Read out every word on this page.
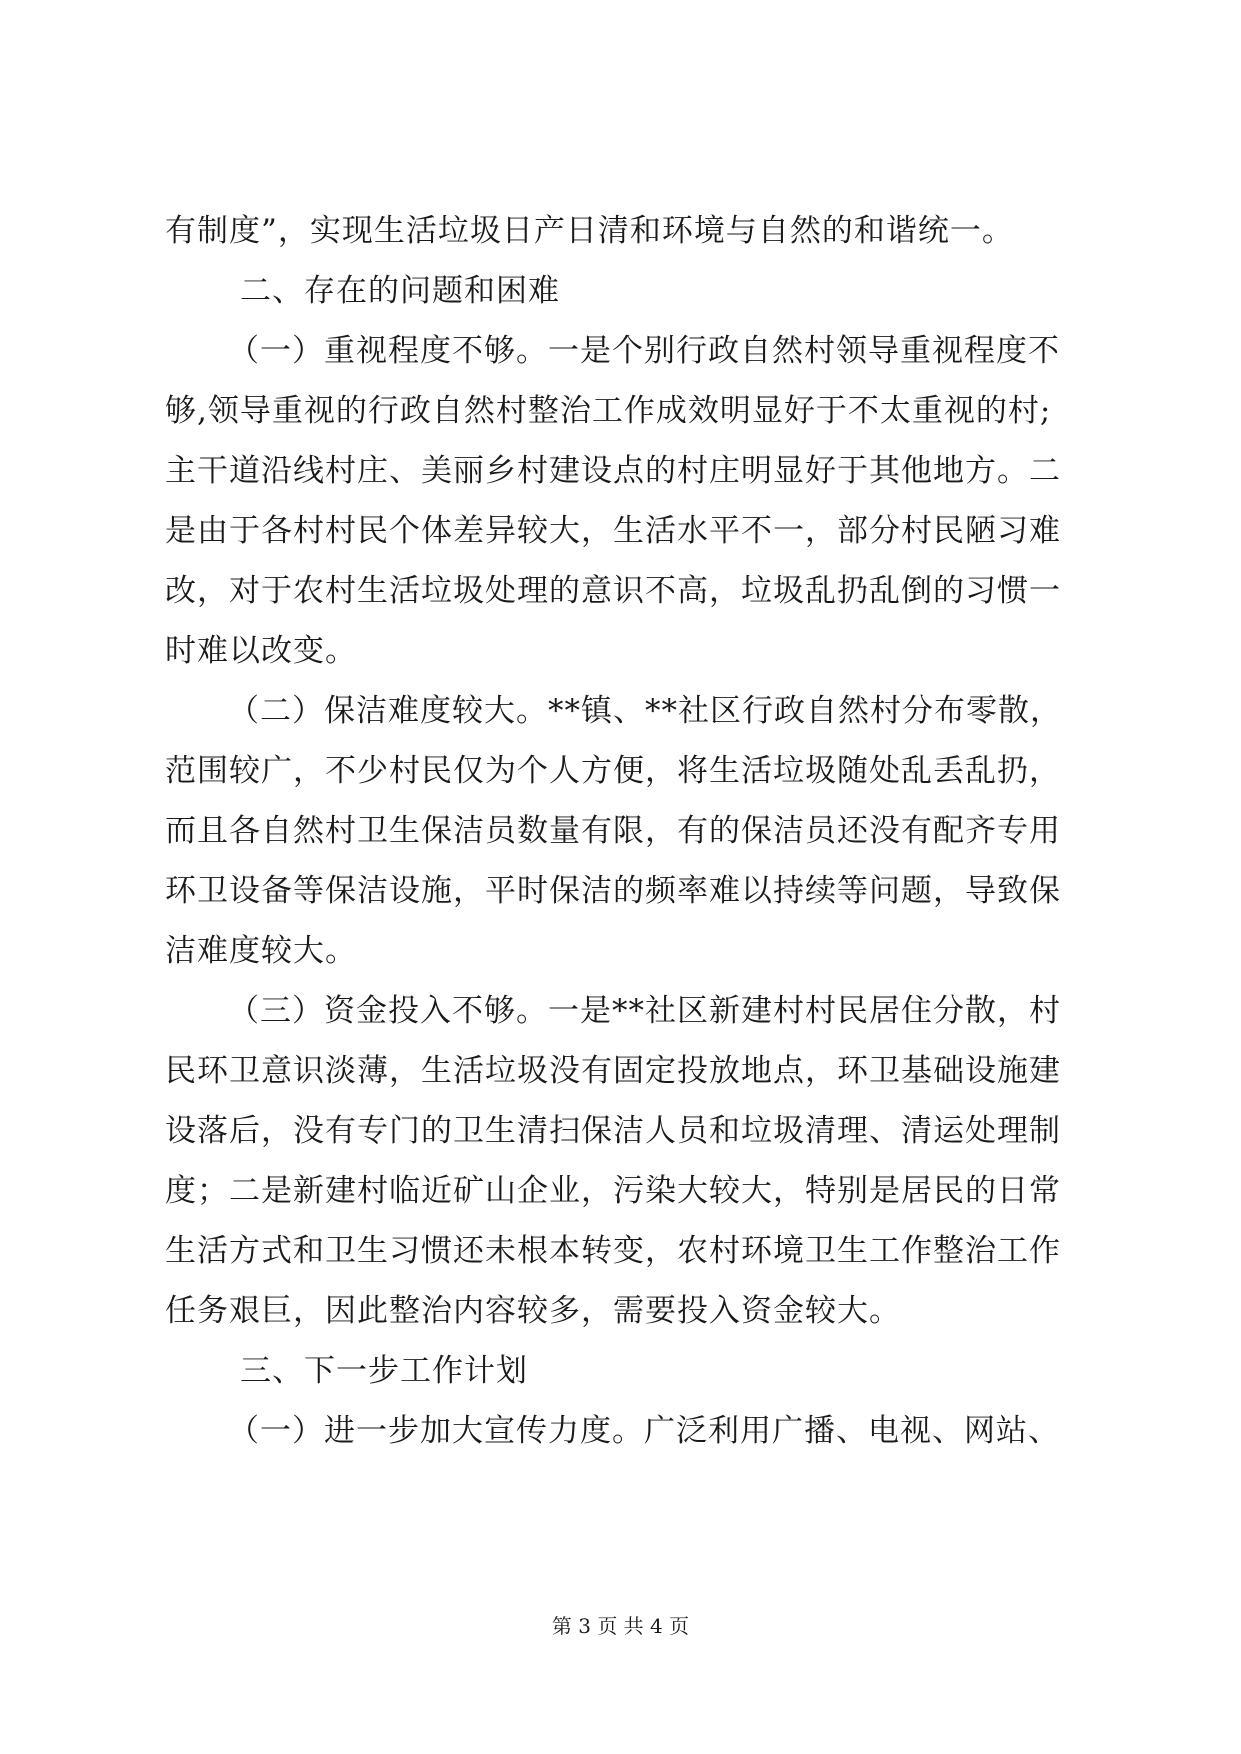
有制度”，实现生活垃圾日产日清和环境与自然的和谐统一。
二、存在的问题和困难
（一）重视程度不够。一是个别行政自然村领导重视程度不
够,领导重视的行政自然村整治工作成效明显好于不太重视的村;
主干道沿线村庄、美丽乡村建设点的村庄明显好于其他地方。二
是由于各村村民个体差异较大，生活水平不一，部分村民陋习难
改，对于农村生活垃圾处理的意识不高，垃圾乱扔乱倒的习惯一
时难以改变。
（二）保洁难度较大。**镇、**社区行政自然村分布零散，
范围较广，不少村民仅为个人方便，将生活垃圾随处乱丢乱扔，
而且各自然村卫生保洁员数量有限，有的保洁员还没有配齐专用
环卫设备等保洁设施，平时保洁的频率难以持续等问题，导致保
洁难度较大。
（三）资金投入不够。一是**社区新建村村民居住分散，村
民环卫意识淡薄，生活垃圾没有固定投放地点，环卫基础设施建
设落后，没有专门的卫生清扫保洁人员和垃圾清理、清运处理制
度；二是新建村临近矿山企业，污染大较大，特别是居民的日常
生活方式和卫生习惯还未根本转变，农村环境卫生工作整治工作
任务艰巨，因此整治内容较多，需要投入资金较大。
三、下一步工作计划
（一）进一步加大宣传力度。广泛利用广播、电视、网站、
第 3 页 共 4 页
